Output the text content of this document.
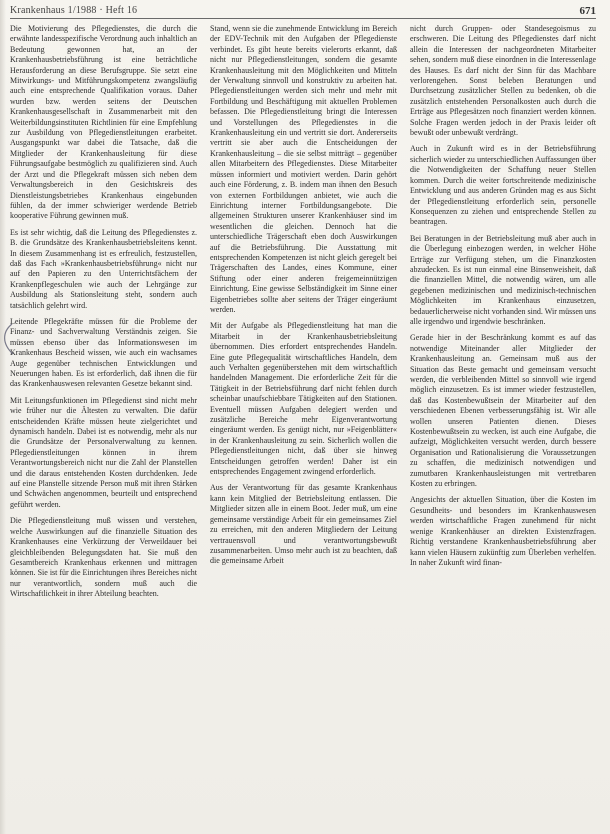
Krankenhaus 1/1988 · Heft 16	671

Die Motivierung des Pflegedienstes, die durch die erwähnte landesspezifische Verordnung auch inhaltlich an Bedeutung gewonnen hat, an der Krankenhausbetriebsführung ist eine beträchtliche Herausforderung an diese Berufsgruppe. Sie setzt eine Mitwirkungs- und Mitführungskompetenz zwangsläufig auch eine entsprechende Qualifikation voraus. Daher wurden bzw. werden seitens der Deutschen Krankenhausgesellschaft in Zusammenarbeit mit den Weiterbildungsinstituten Richtlinien für eine Empfehlung zur Ausbildung von Pflegedienstleitungen erarbeitet. Ausgangspunkt war dabei die Tatsache, daß die Mitglieder der Krankenhausleitung für diese Führungsaufgabe bestmöglich zu qualifizieren sind. Auch der Arzt und die Pflegekraft müssen sich neben dem Verwaltungsbereich in den Gesichtskreis des Dienstleistungsbetriebes Krankenhaus eingebunden fühlen, da der immer schwieriger werdende Betrieb kooperative Führung gewinnen muß.

Es ist sehr wichtig, daß die Leitung des Pflegedienstes z. B. die Grundsätze des Krankenhausbetriebsleitens kennt. In diesem Zusammenhang ist es erfreulich, festzustellen, daß das Fach »Krankenhausbetriebsführung« nicht nur auf den Papieren zu den Unterrichtsfächern der Krankenpflegeschulen wie auch der Lehrgänge zur Ausbildung als Stationsleitung steht, sondern auch tatsächlich gelehrt wird.

Leitende Pflegekräfte müssen für die Probleme der Finanz- und Sachverwaltung Verständnis zeigen. Sie müssen ebenso über das Informationswesen im Krankenhaus Bescheid wissen, wie auch ein wachsames Auge gegenüber technischen Entwicklungen und Neuerungen haben. Es ist erforderlich, daß ihnen die für das Krankenhauswesen relevanten Gesetze bekannt sind.

Mit Leitungsfunktionen im Pflegedienst sind nicht mehr wie früher nur die Ältesten zu verwalten. Die dafür entscheidenden Kräfte müssen heute zielgerichtet und dynamisch handeln. Dabei ist es notwendig, mehr als nur die Grundsätze der Personalverwaltung zu kennen. Pflegedienstleitungen können in ihrem Verantwortungsbereich nicht nur die Zahl der Planstellen und die daraus entstehenden Kosten durchdenken. Jede auf eine Planstelle sitzende Person muß mit ihren Stärken und Schwächen angenommen, beurteilt und entsprechend geführt werden.

Die Pflegedienstleitung muß wissen und verstehen, welche Auswirkungen auf die finanzielle Situation des Krankenhauses eine Verkürzung der Verweildauer bei gleichbleibenden Belegungsdaten hat. Sie muß den Gesamtbereich Krankenhaus erkennen und mittragen können. Sie ist für die Einrichtungen ihres Bereiches nicht nur verantwortlich, sondern muß auch die Wirtschaftlichkeit in ihrer Abteilung beachten.

Stand, wenn sie die zunehmende Entwicklung im Bereich der EDV-Technik mit den Aufgaben der Pflegedienste verbindet. Es gibt heute bereits vielerorts erkannt, daß nicht nur Pflegedienstleitungen, sondern die gesamte Krankenhausleitung mit den Möglichkeiten und Mitteln der Verwaltung sinnvoll und konstruktiv zu arbeiten hat. Pflegedienstleitungen werden sich mehr und mehr mit Fortbildung und Beschäftigung mit aktuellen Problemen befassen. Die Pflegedienstleitung bringt die Interessen und Vorstellungen des Pflegedienstes in die Krankenhausleitung ein und vertritt sie dort. Andererseits vertritt sie aber auch die Entscheidungen der Krankenhausleitung – die sie selbst mitträgt – gegenüber allen Mitarbeitern des Pflegedienstes. Diese Mitarbeiter müssen informiert und motiviert werden. Darin gehört auch eine Förderung, z. B. indem man ihnen den Besuch von externen Fortbildungen anbietet, wie auch die Einrichtung interner Fortbildungsangebote. Die allgemeinen Strukturen unserer Krankenhäuser sind im wesentlichen die gleichen. Dennoch hat die unterschiedliche Trägerschaft eben doch Auswirkungen auf die Betriebsführung. Die Ausstattung mit entsprechenden Kompetenzen ist nicht gleich geregelt bei Trägerschaften des Landes, eines Kommune, einer Stiftung oder einer anderen freigemeinnützigen Einrichtung. Eine gewisse Selbständigkeit im Sinne einer Eigenbetriebes sollte aber seitens der Träger eingeräumt werden.

Mit der Aufgabe als Pflegedienstleitung hat man die Mitarbeit in der Krankenhausbetriebsleitung übernommen. Dies erfordert entsprechendes Handeln. Eine gute Pflegequalität wirtschaftliches Handeln, dem auch Verhalten gegenüberstehen mit dem wirtschaftlich handelnden Management. Die erforderliche Zeit für die Tätigkeit in der Betriebsführung darf nicht fehlen durch scheinbar unaufschiebbare Tätigkeiten auf den Stationen. Eventuell müssen Aufgaben delegiert werden und zusätzliche Bereiche mehr Eigenverantwortung eingeräumt werden. Es genügt nicht, nur »Feigenblätter« in der Krankenhausleitung zu sein. Sicherlich wollen die Pflegedienstleitungen nicht, daß über sie hinweg Entscheidungen getroffen werden! Daher ist ein entsprechendes Engagement zwingend erforderlich.

Aus der Verantwortung für das gesamte Krankenhaus kann kein Mitglied der Betriebsleitung entlassen. Die Mitglieder sitzen alle in einem Boot. Jeder muß, um eine gemeinsame verständige Arbeit für ein gemeinsames Ziel zu erreichen, mit den anderen Mitgliedern der Leitung vertrauensvoll und verantwortungsbewußt zusammenarbeiten. Umso mehr auch ist zu beachten, daß die gemeinsame Arbeit

nicht durch Gruppen- oder Standesegoismus zu erschweren. Die Leitung des Pflegedienstes darf nicht allein die Interessen der nachgeordneten Mitarbeiter sehen, sondern muß diese einordnen in die Interessenlage des Hauses. Es darf nicht der Sinn für das Machbare verlorengehen. Sonst beleben Beratungen und Durchsetzung zusätzlicher Stellen zu bedenken, ob die zusätzlich entstehenden Personalkosten auch durch die Erträge aus Pflegesätzen noch finanziert werden können. Solche Fragen werden jedoch in der Praxis leider oft bewußt oder unbewußt verdrängt.

Auch in Zukunft wird es in der Betriebsführung sicherlich wieder zu unterschiedlichen Auffassungen über die Notwendigkeiten der Schaffung neuer Stellen kommen. Durch die weiter fortschreitende medizinische Entwicklung und aus anderen Gründen mag es aus Sicht der Pflegedienstleitung erforderlich sein, personelle Konsequenzen zu ziehen und entsprechende Stellen zu beantragen.

Bei Beratungen in der Betriebsleitung muß aber auch in die Überlegung einbezogen werden, in welcher Höhe Erträge zur Verfügung stehen, um die Finanzkosten abzudecken. Es ist nun einmal eine Binsenweisheit, daß die finanziellen Mittel, die notwendig wären, um alle gegebenen medizinischen und medizinisch-technischen Möglichkeiten im Krankenhaus einzusetzen, bedauerlicherweise nicht vorhanden sind. Wir müssen uns alle irgendwo und irgendwie beschränken.

Gerade hier in der Beschränkung kommt es auf das notwendige Miteinander aller Mitglieder der Krankenhausleitung an. Gemeinsam muß aus der Situation das Beste gemacht und gemeinsam versucht werden, die verbleibenden Mittel so sinnvoll wie irgend möglich einzusetzen. Es ist immer wieder festzustellen, daß das Kostenbewußtsein der Mitarbeiter auf den verschiedenen Ebenen verbesserungsfähig ist. Wir alle wollen unseren Patienten dienen. Dieses Kostenbewußtsein zu wecken, ist auch eine Aufgabe, die aufzeigt, Möglichkeiten versucht werden, durch bessere Organisation und Rationalisierung die Voraussetzungen zu schaffen, die medizinisch notwendigen und zumutbaren Krankenhausleistungen mit vertretbaren Kosten zu erbringen.

Angesichts der aktuellen Situation, über die Kosten im Gesundheits- und besonders im Krankenhauswesen werden wirtschaftliche Fragen zunehmend für nicht wenige Krankenhäuser an direkten Existenzfragen. Richtig verstandene Krankenhausbetriebsführung aber kann vielen Häusern zukünftig zum Überleben verhelfen. In naher Zukunft wird finan-
